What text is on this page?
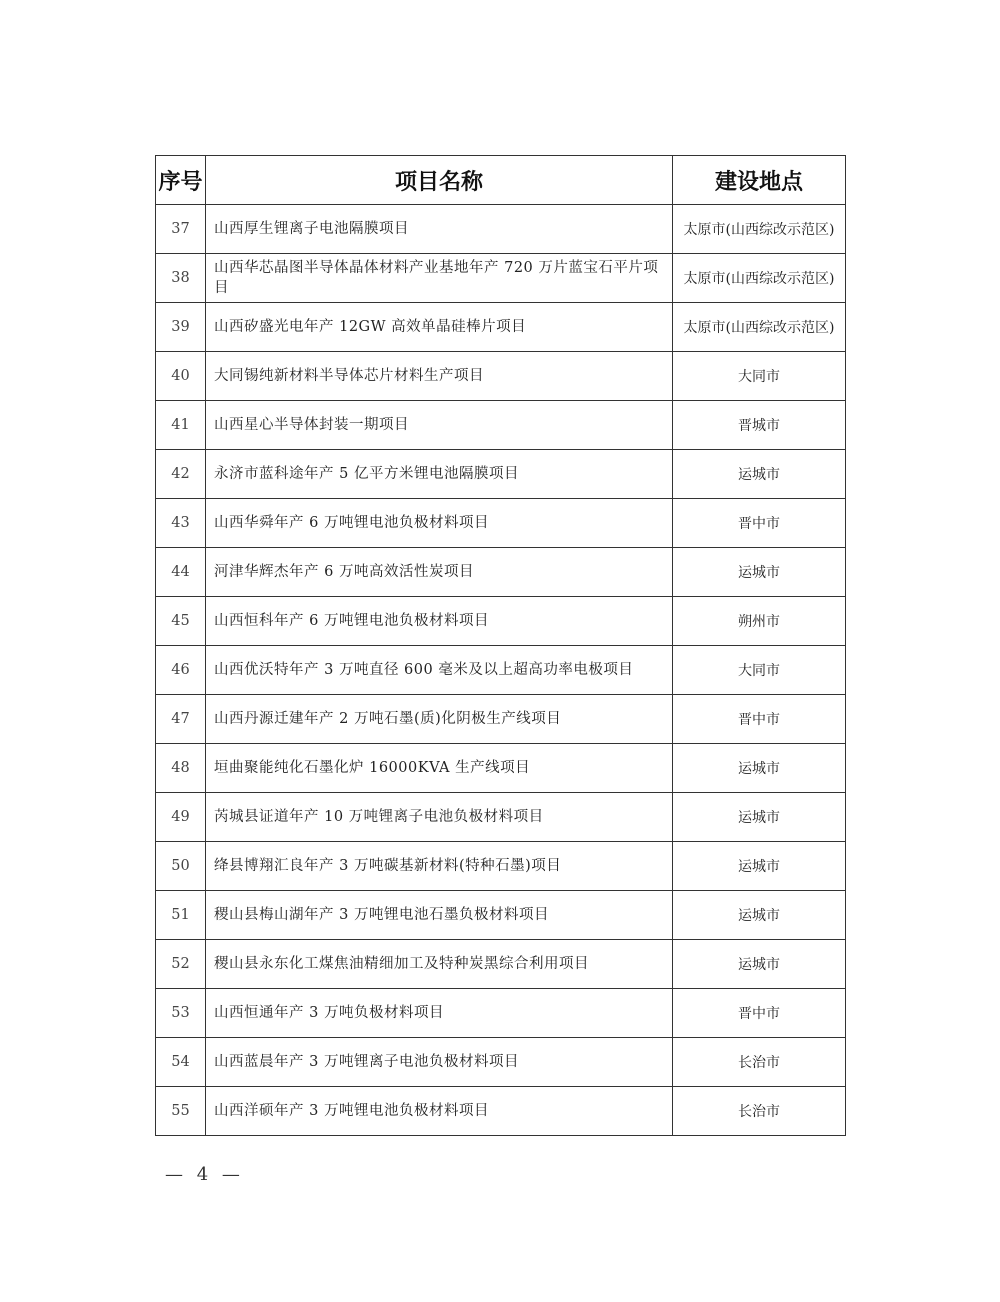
序号	项目名称	建设地点
37	山西厚生锂离子电池隔膜项目	太原市(山西综改示范区)
38	山西华芯晶图半导体晶体材料产业基地年产 720 万片蓝宝石平片项目	太原市(山西综改示范区)
39	山西矽盛光电年产 12GW 高效单晶硅棒片项目	太原市(山西综改示范区)
40	大同锡纯新材料半导体芯片材料生产项目	大同市
41	山西星心半导体封装一期项目	晋城市
42	永济市蓝科途年产 5 亿平方米锂电池隔膜项目	运城市
43	山西华舜年产 6 万吨锂电池负极材料项目	晋中市
44	河津华辉杰年产 6 万吨高效活性炭项目	运城市
45	山西恒科年产 6 万吨锂电池负极材料项目	朔州市
46	山西优沃特年产 3 万吨直径 600 毫米及以上超高功率电极项目	大同市
47	山西丹源迁建年产 2 万吨石墨(质)化阴极生产线项目	晋中市
48	垣曲聚能纯化石墨化炉 16000KVA 生产线项目	运城市
49	芮城县证道年产 10 万吨锂离子电池负极材料项目	运城市
50	绛县博翔汇良年产 3 万吨碳基新材料(特种石墨)项目	运城市
51	稷山县梅山湖年产 3 万吨锂电池石墨负极材料项目	运城市
52	稷山县永东化工煤焦油精细加工及特种炭黑综合利用项目	运城市
53	山西恒通年产 3 万吨负极材料项目	晋中市
54	山西蓝晨年产 3 万吨锂离子电池负极材料项目	长治市
55	山西洋硕年产 3 万吨锂电池负极材料项目	长治市
— 4 —
